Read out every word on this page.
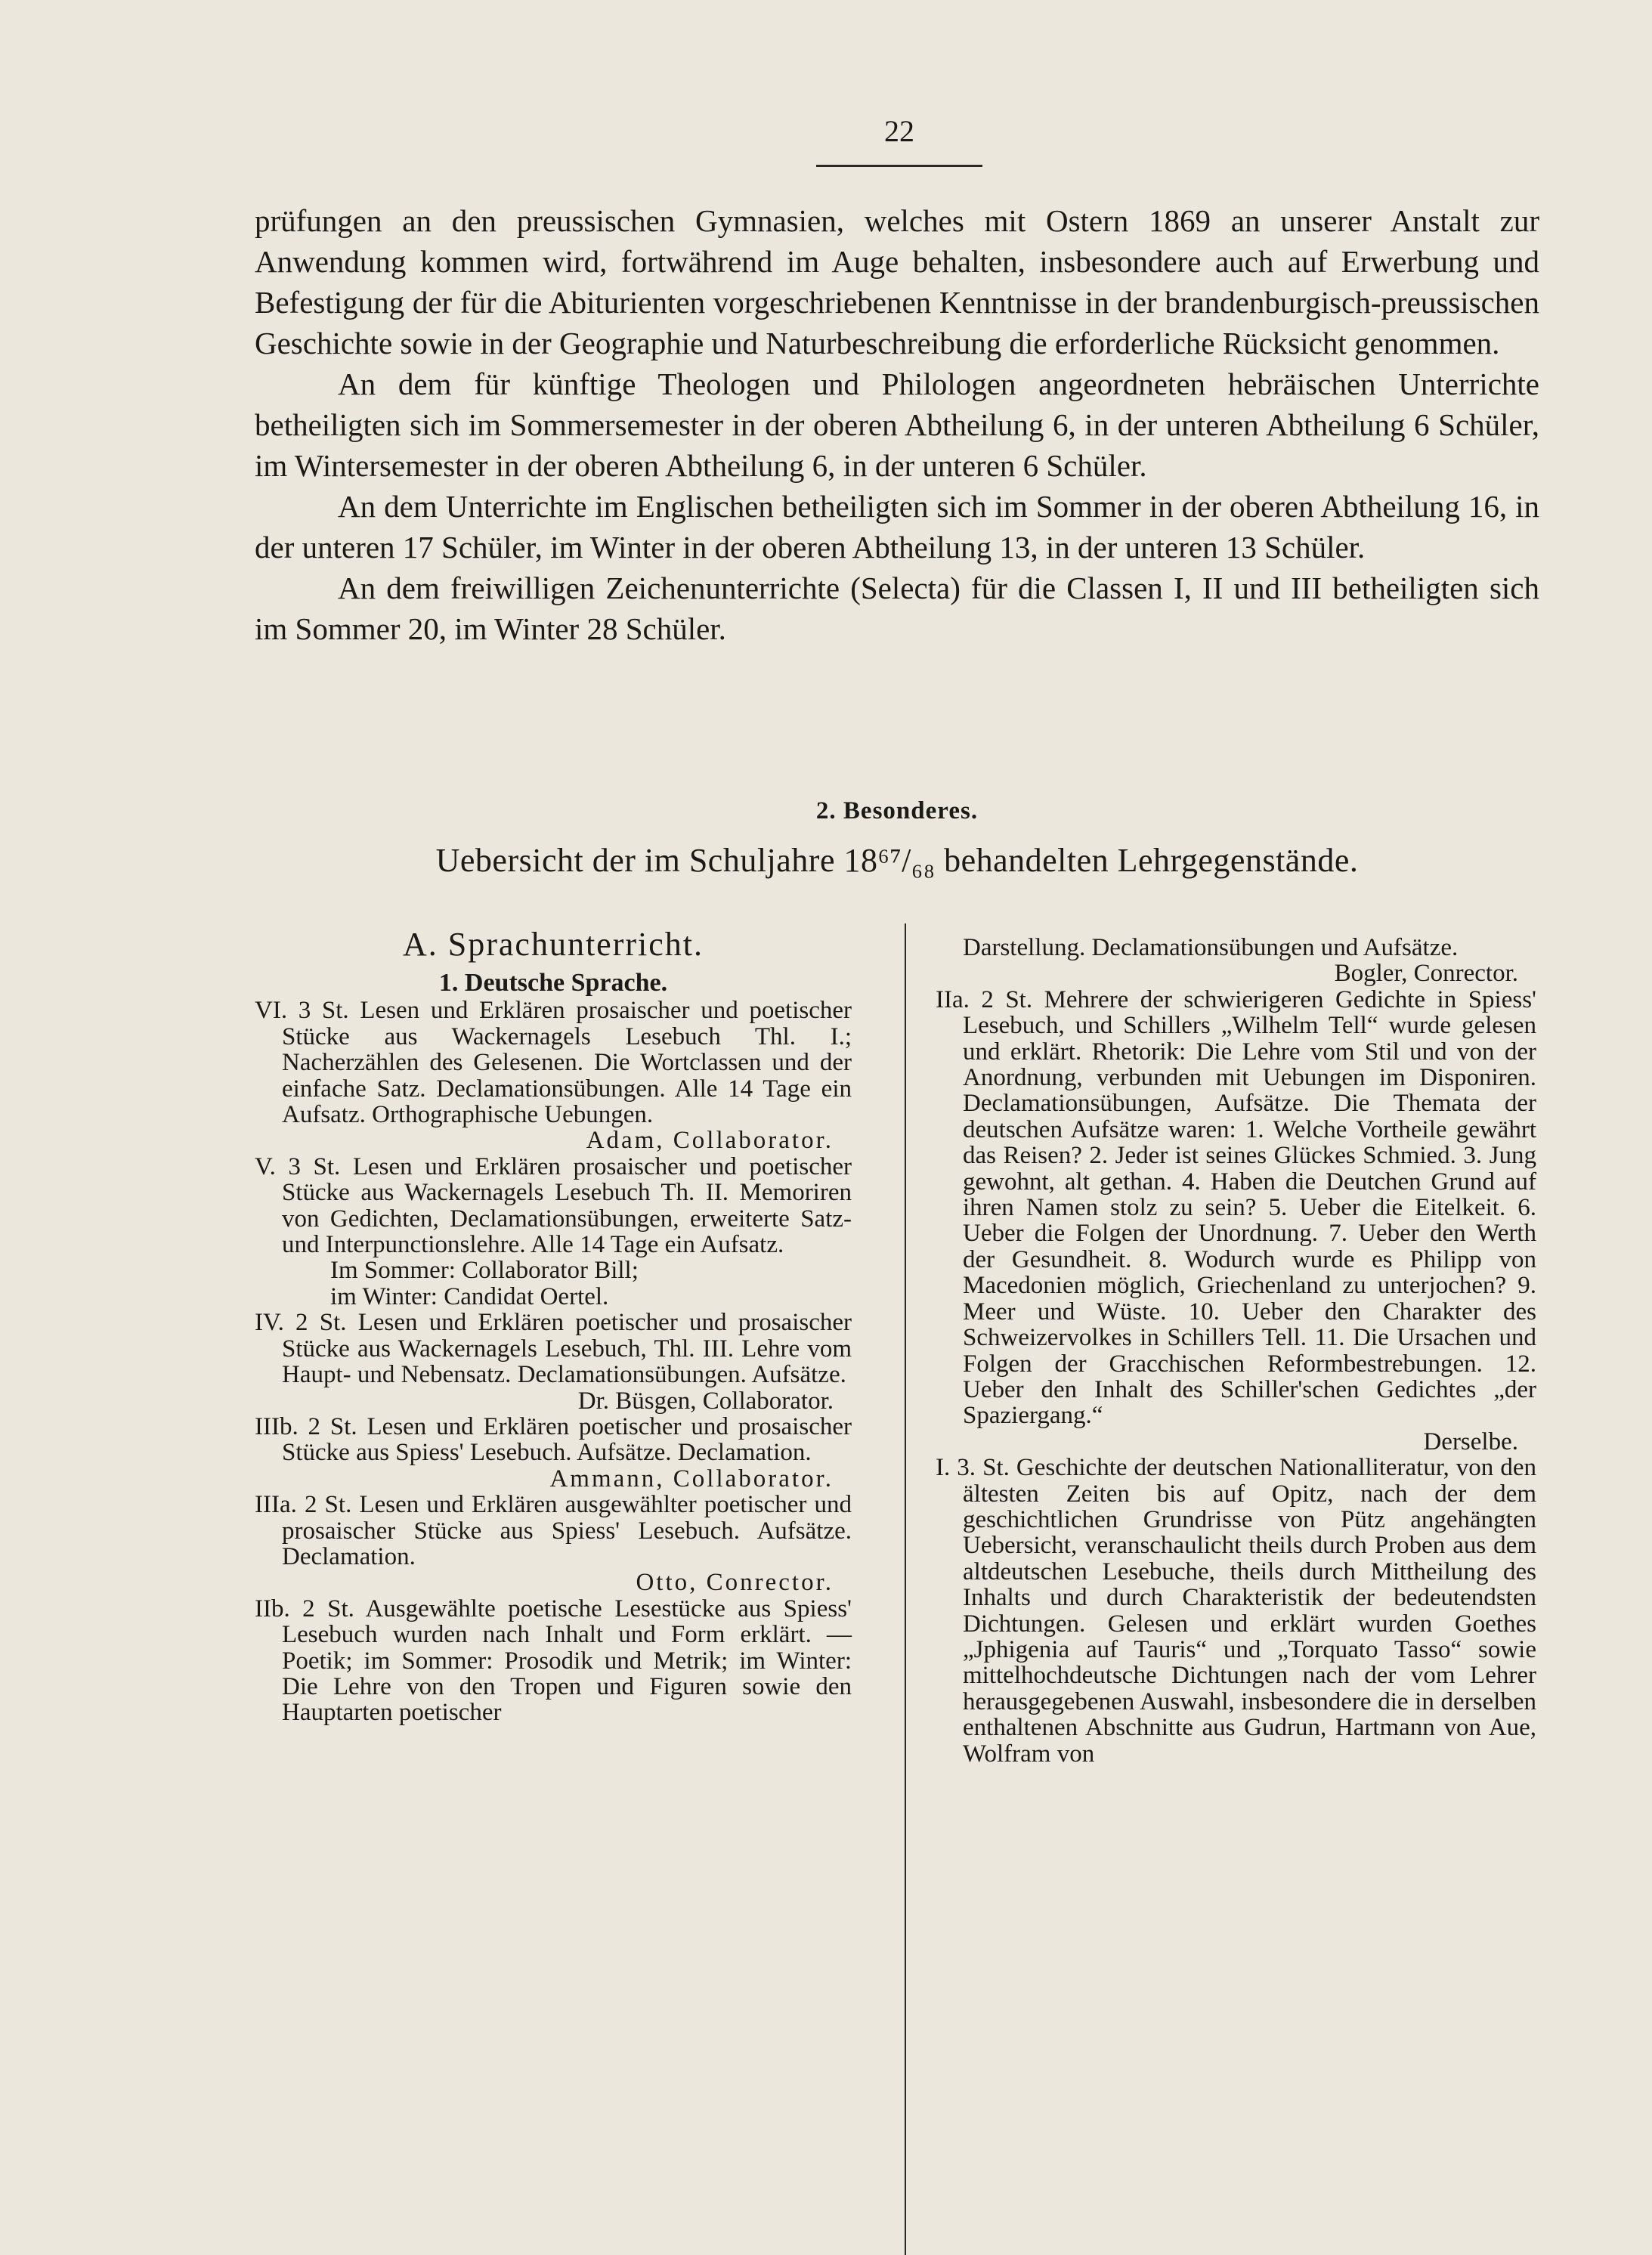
22

prüfungen an den preussischen Gymnasien, welches mit Ostern 1869 an unserer Anstalt zur Anwendung kommen wird, fortwährend im Auge behalten, insbesondere auch auf Erwerbung und Befestigung der für die Abiturienten vorgeschriebenen Kenntnisse in der brandenburgisch-preussischen Geschichte sowie in der Geographie und Naturbeschreibung die erforderliche Rücksicht genommen.

An dem für künftige Theologen und Philologen angeordneten hebräischen Unterrichte betheiligten sich im Sommersemester in der oberen Abtheilung 6, in der unteren Abtheilung 6 Schüler, im Wintersemester in der oberen Abtheilung 6, in der unteren 6 Schüler.

An dem Unterrichte im Englischen betheiligten sich im Sommer in der oberen Abtheilung 16, in der unteren 17 Schüler, im Winter in der oberen Abtheilung 13, in der unteren 13 Schüler.

An dem freiwilligen Zeichenunterrichte (Selecta) für die Classen I, II und III betheiligten sich im Sommer 20, im Winter 28 Schüler.

2. Besonderes.
Uebersicht der im Schuljahre 18⁶⁷/₆₈ behandelten Lehrgegenstände.

A. Sprachunterricht.

1. Deutsche Sprache.

VI. 3 St. Lesen und Erklären prosaischer und poetischer Stücke aus Wackernagels Lesebuch Thl. I.; Nacherzählen des Gelesenen. Die Wortclassen und der einfache Satz. Declamationsübungen. Alle 14 Tage ein Aufsatz. Orthographische Uebungen.

Adam, Collaborator.

V. 3 St. Lesen und Erklären prosaischer und poetischer Stücke aus Wackernagels Lesebuch Th. II. Memoriren von Gedichten, Declamationsübungen, erweiterte Satz- und Interpunctionslehre. Alle 14 Tage ein Aufsatz.

Im Sommer: Collaborator Bill;

im Winter: Candidat Oertel.

IV. 2 St. Lesen und Erklären poetischer und prosaischer Stücke aus Wackernagels Lesebuch, Thl. III. Lehre vom Haupt- und Nebensatz. Declamationsübungen. Aufsätze.

Dr. Büsgen, Collaborator.

IIIb. 2 St. Lesen und Erklären poetischer und prosaischer Stücke aus Spiess' Lesebuch. Aufsätze. Declamation.

Ammann, Collaborator.

IIIa. 2 St. Lesen und Erklären ausgewählter poetischer und prosaischer Stücke aus Spiess' Lesebuch. Aufsätze. Declamation.

Otto, Conrector.

IIb. 2 St. Ausgewählte poetische Lesestücke aus Spiess' Lesebuch wurden nach Inhalt und Form erklärt. — Poetik; im Sommer: Prosodik und Metrik; im Winter: Die Lehre von den Tropen und Figuren sowie den Hauptarten poetischer

Darstellung. Declamationsübungen und Aufsätze.

Bogler, Conrector.

IIa. 2 St. Mehrere der schwierigeren Gedichte in Spiess' Lesebuch, und Schillers „Wilhelm Tell“ wurde gelesen und erklärt. Rhetorik: Die Lehre vom Stil und von der Anordnung, verbunden mit Uebungen im Disponiren. Declamationsübungen, Aufsätze. Die Themata der deutschen Aufsätze waren: 1. Welche Vortheile gewährt das Reisen? 2. Jeder ist seines Glückes Schmied. 3. Jung gewohnt, alt gethan. 4. Haben die Deutchen Grund auf ihren Namen stolz zu sein? 5. Ueber die Eitelkeit. 6. Ueber die Folgen der Unordnung. 7. Ueber den Werth der Gesundheit. 8. Wodurch wurde es Philipp von Macedonien möglich, Griechenland zu unterjochen? 9. Meer und Wüste. 10. Ueber den Charakter des Schweizervolkes in Schillers Tell. 11. Die Ursachen und Folgen der Gracchischen Reformbestrebungen. 12. Ueber den Inhalt des Schiller'schen Gedichtes „der Spaziergang.“

Derselbe.

I. 3. St. Geschichte der deutschen Nationalliteratur, von den ältesten Zeiten bis auf Opitz, nach der dem geschichtlichen Grundrisse von Pütz angehängten Uebersicht, veranschaulicht theils durch Proben aus dem altdeutschen Lesebuche, theils durch Mittheilung des Inhalts und durch Charakteristik der bedeutendsten Dichtungen. Gelesen und erklärt wurden Goethes „Jphigenia auf Tauris“ und „Torquato Tasso“ sowie mittelhochdeutsche Dichtungen nach der vom Lehrer herausgegebenen Auswahl, insbesondere die in derselben enthaltenen Abschnitte aus Gudrun, Hartmann von Aue, Wolfram von
